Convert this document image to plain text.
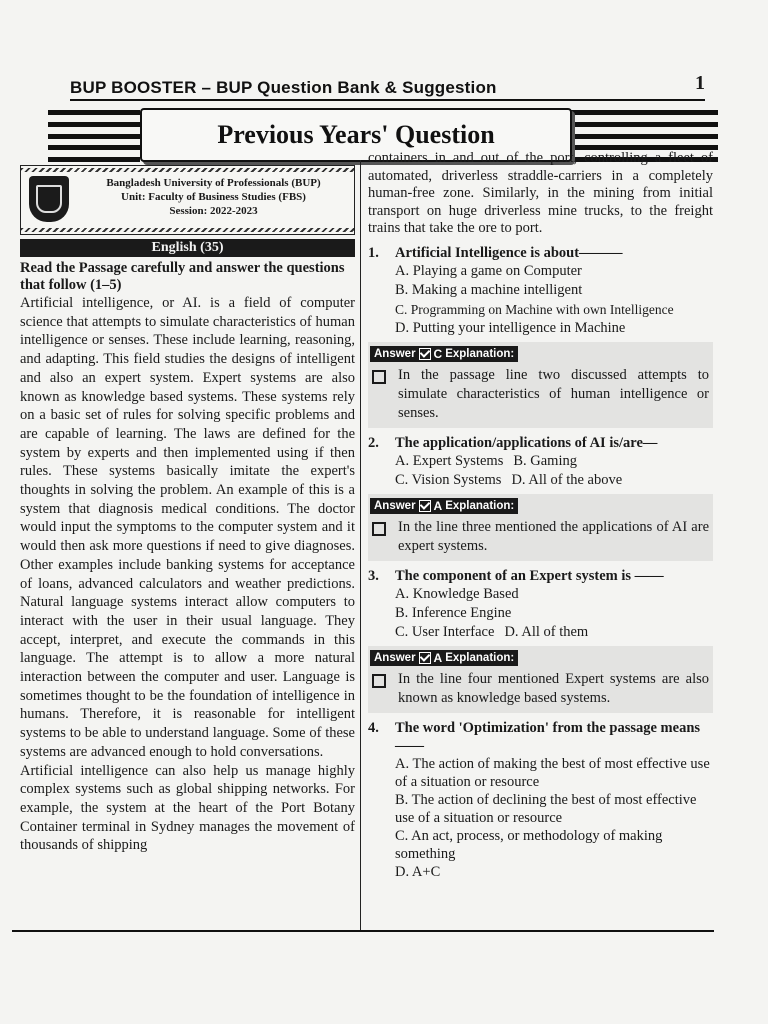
BUP BOOSTER – BUP Question Bank & Suggestion	1
Previous Years' Question
Bangladesh University of Professionals (BUP)
Unit: Faculty of Business Studies (FBS)
Session: 2022-2023
English (35)
Read the Passage carefully and answer the questions that follow (1–5)

Artificial intelligence, or AI. is a field of computer science that attempts to simulate characteristics of human intelligence or senses. These include learning, reasoning, and adapting. This field studies the designs of intelligent and also an expert system. Expert systems are also known as knowledge based systems. These systems rely on a basic set of rules for solving specific problems and are capable of learning. The laws are defined for the system by experts and then implemented using if then rules. These systems basically imitate the expert's thoughts in solving the problem. An example of this is a system that diagnosis medical conditions. The doctor would input the symptoms to the computer system and it would then ask more questions if need to give diagnoses. Other examples include banking systems for acceptance of loans, advanced calculators and weather predictions. Natural language systems interact allow computers to interact with the user in their usual language. They accept, interpret, and execute the commands in this language. The attempt is to allow a more natural interaction between the computer and user. Language is sometimes thought to be the foundation of intelligence in humans. Therefore, it is reasonable for intelligent systems to be able to understand language. Some of these systems are advanced enough to hold conversations.

Artificial intelligence can also help us manage highly complex systems such as global shipping networks. For example, the system at the heart of the Port Botany Container terminal in Sydney manages the movement of thousands of shipping

containers in and out of the port, controlling a fleet of automated, driverless straddle-carriers in a completely human-free zone. Similarly, in the mining from initial transport on huge driverless mine trucks, to the freight trains that take the ore to port.

1.	Artificial Intelligence is about———
A. Playing a game on Computer
B. Making a machine intelligent
C. Programming on Machine with own Intelligence
D. Putting your intelligence in Machine
Answer C Explanation:
In the passage line two discussed attempts to simulate characteristics of human intelligence or senses.
2.	The application/applications of AI is/are—
A. Expert Systems B. Gaming
C. Vision Systems D. All of the above
Answer A Explanation:
In the line three mentioned the applications of AI are expert systems.
3.	The component of an Expert system is ——
A. Knowledge Based
B. Inference Engine
C. User Interface D. All of them
Answer A Explanation:
In the line four mentioned Expert systems are also known as knowledge based systems.
4.	The word 'Optimization' from the passage means ——
A. The action of making the best of most effective use of a situation or resource
B. The action of declining the best of most effective use of a situation or resource
C. An act, process, or methodology of making something
D. A+C
